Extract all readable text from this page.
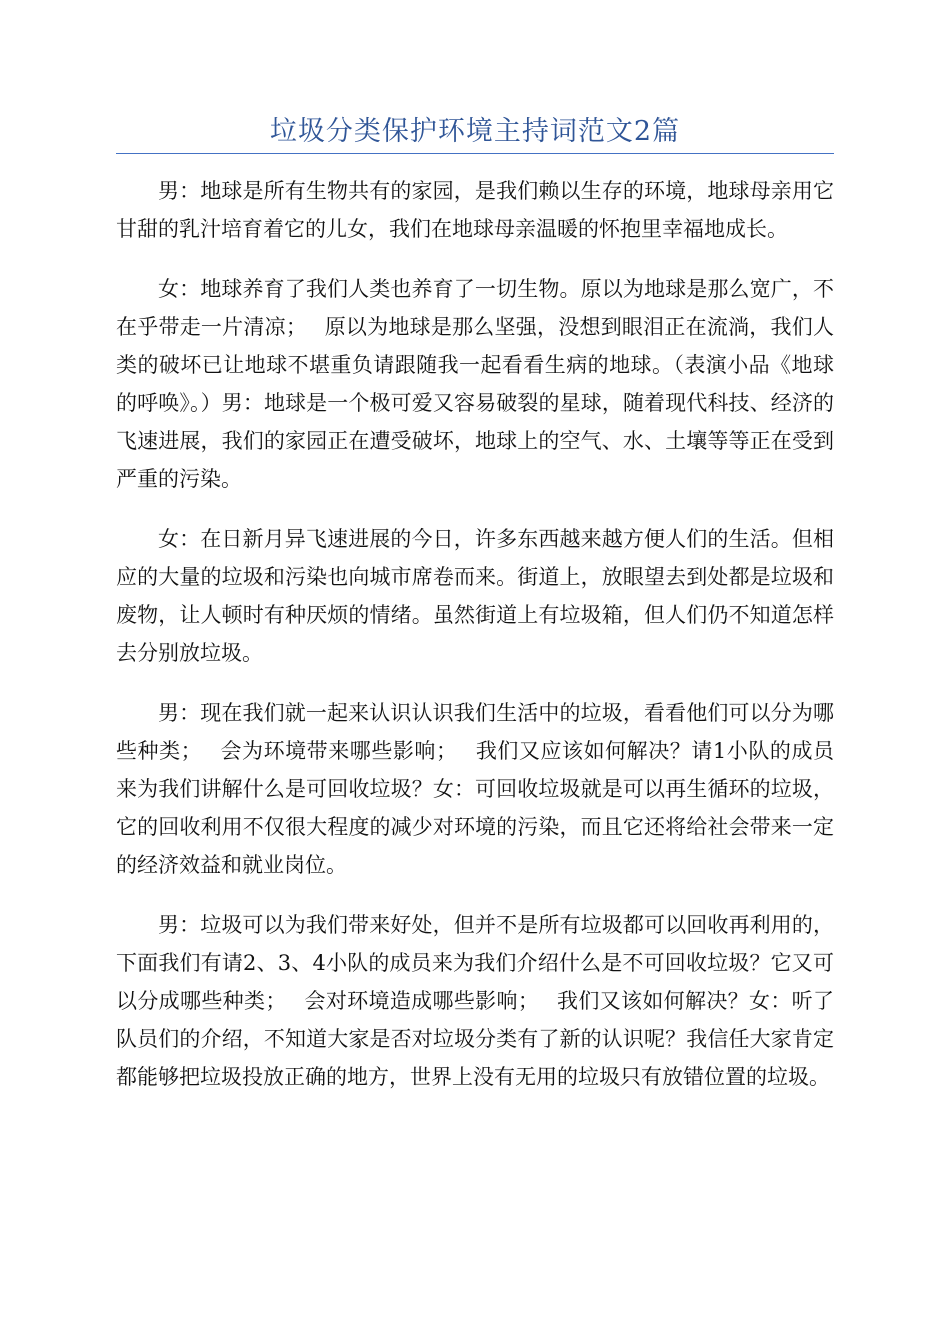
垃圾分类保护环境主持词范文2篇

男：地球是所有生物共有的家园，是我们赖以生存的环境，地球母亲用它甘甜的乳汁培育着它的儿女，我们在地球母亲温暖的怀抱里幸福地成长。

女：地球养育了我们人类也养育了一切生物。原以为地球是那么宽广，不在乎带走一片清凉；　 原以为地球是那么坚强，没想到眼泪正在流淌，我们人类的破坏已让地球不堪重负请跟随我一起看看生病的地球。（表演小品《地球的呼唤》。）男：地球是一个极可爱又容易破裂的星球，随着现代科技、经济的飞速进展，我们的家园正在遭受破坏，地球上的空气、水、土壤等等正在受到严重的污染。

女：在日新月异飞速进展的今日，许多东西越来越方便人们的生活。但相应的大量的垃圾和污染也向城市席卷而来。街道上，放眼望去到处都是垃圾和废物，让人顿时有种厌烦的情绪。虽然街道上有垃圾箱，但人们仍不知道怎样去分别放垃圾。

男：现在我们就一起来认识认识我们生活中的垃圾，看看他们可以分为哪些种类；　 会为环境带来哪些影响；　 我们又应该如何解决？请1小队的成员来为我们讲解什么是可回收垃圾？女：可回收垃圾就是可以再生循环的垃圾，它的回收利用不仅很大程度的减少对环境的污染，而且它还将给社会带来一定的经济效益和就业岗位。

男：垃圾可以为我们带来好处，但并不是所有垃圾都可以回收再利用的，下面我们有请2、3、4小队的成员来为我们介绍什么是不可回收垃圾？它又可以分成哪些种类；　 会对环境造成哪些影响；　 我们又该如何解决？女：听了队员们的介绍，不知道大家是否对垃圾分类有了新的认识呢？我信任大家肯定都能够把垃圾投放正确的地方，世界上没有无用的垃圾只有放错位置的垃圾。
